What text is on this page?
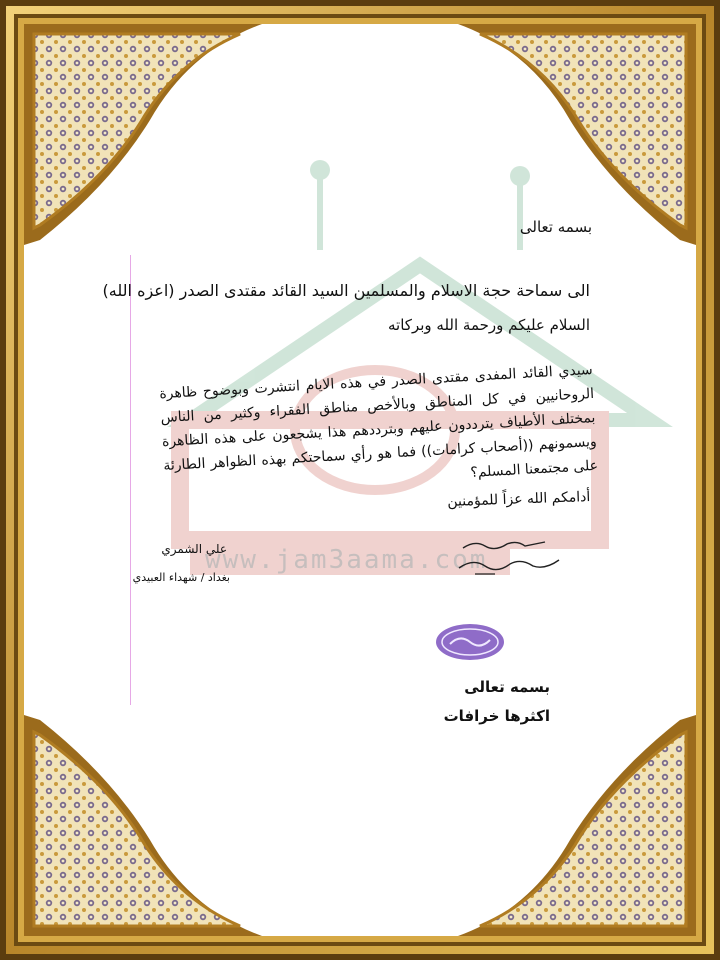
www.jam3aama.com
بسمه تعالى
الى سماحة حجة الاسلام والمسلمين السيد القائد مقتدى الصدر (اعزه الله)
السلام عليكم ورحمة الله وبركاته
سيدي القائد المفدى مقتدى الصدر في هذه الايام انتشرت وبوضوح ظاهرة الروحانيين في كل المناطق وبالأخص مناطق الفقراء وكثير من الناس بمختلف الأطياف يترددون عليهم وبترددهم هذا يشجعون على هذه الظاهرة ويسمونهم ((أصحاب كرامات)) فما هو رأي سماحتكم بهذه الظواهر الطارئة على مجتمعنا المسلم؟
أدامكم الله عزاً للمؤمنين
علي الشمري
بغداد / شهداء العبيدي
بسمه تعالى
اكثرها خرافات
